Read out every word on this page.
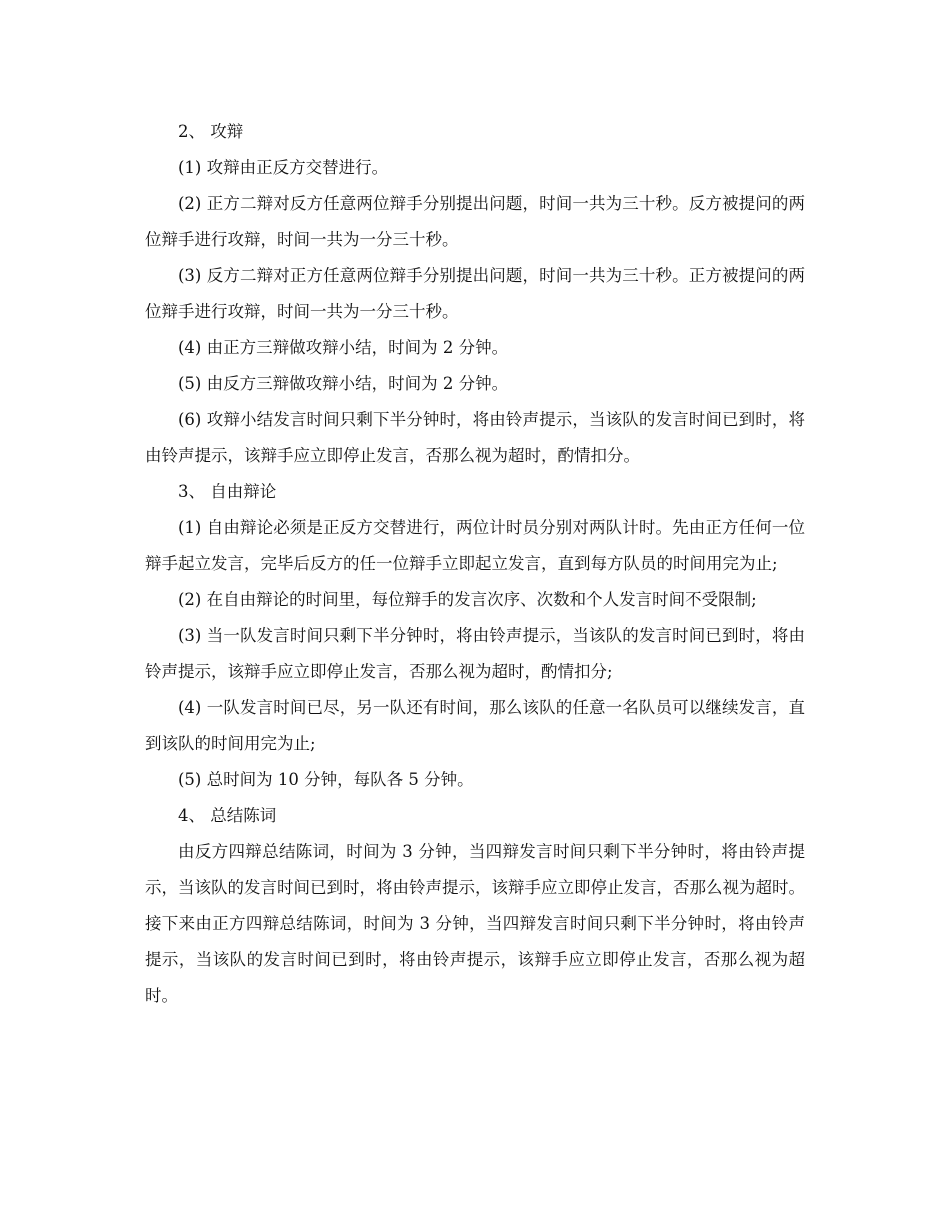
2、 攻辩
(1) 攻辩由正反方交替进行。
(2) 正方二辩对反方任意两位辩手分别提出问题，时间一共为三十秒。反方被提问的两位辩手进行攻辩，时间一共为一分三十秒。
(3) 反方二辩对正方任意两位辩手分别提出问题，时间一共为三十秒。正方被提问的两位辩手进行攻辩，时间一共为一分三十秒。
(4) 由正方三辩做攻辩小结，时间为 2 分钟。
(5) 由反方三辩做攻辩小结，时间为 2 分钟。
(6) 攻辩小结发言时间只剩下半分钟时，将由铃声提示，当该队的发言时间已到时，将由铃声提示，该辩手应立即停止发言，否那么视为超时，酌情扣分。
3、 自由辩论
(1) 自由辩论必须是正反方交替进行，两位计时员分别对两队计时。先由正方任何一位辩手起立发言，完毕后反方的任一位辩手立即起立发言，直到每方队员的时间用完为止;
(2) 在自由辩论的时间里，每位辩手的发言次序、次数和个人发言时间不受限制;
(3) 当一队发言时间只剩下半分钟时，将由铃声提示，当该队的发言时间已到时，将由铃声提示，该辩手应立即停止发言，否那么视为超时，酌情扣分;
(4) 一队发言时间已尽，另一队还有时间，那么该队的任意一名队员可以继续发言，直到该队的时间用完为止;
(5) 总时间为 10 分钟，每队各 5 分钟。
4、 总结陈词
由反方四辩总结陈词，时间为 3 分钟，当四辩发言时间只剩下半分钟时，将由铃声提示，当该队的发言时间已到时，将由铃声提示，该辩手应立即停止发言，否那么视为超时。接下来由正方四辩总结陈词，时间为 3 分钟，当四辩发言时间只剩下半分钟时，将由铃声提示，当该队的发言时间已到时，将由铃声提示，该辩手应立即停止发言，否那么视为超时。
